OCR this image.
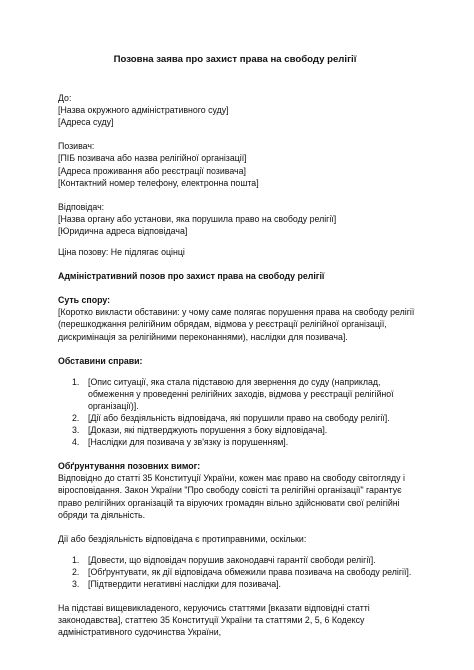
Позовна заява про захист права на свободу релігії
До:
[Назва окружного адміністративного суду]
[Адреса суду]
Позивач:
[ПІБ позивача або назва релігійної організації]
[Адреса проживання або реєстрації позивача]
[Контактний номер телефону, електронна пошта]
Відповідач:
[Назва органу або установи, яка порушила право на свободу релігії]
[Юридична адреса відповідача]
Ціна позову: Не підлягає оцінці
Адміністративний позов про захист права на свободу релігії
Суть спору:
[Коротко викласти обставини: у чому саме полягає порушення права на свободу релігії
(перешкоджання релігійним обрядам, відмова у реєстрації релігійної організації,
дискримінація за релігійними переконаннями), наслідки для позивача].
Обставини справи:
1. [Опис ситуації, яка стала підставою для звернення до суду (наприклад,
обмеження у проведенні релігійних заходів, відмова у реєстрації релігійної
організації)].
2. [Дії або бездіяльність відповідача, які порушили право на свободу релігії].
3. [Докази, які підтверджують порушення з боку відповідача].
4. [Наслідки для позивача у зв'язку із порушенням].
Обґрунтування позовних вимог:
Відповідно до статті 35 Конституції України, кожен має право на свободу світогляду і
віросповідання. Закон України "Про свободу совісті та релігійні організації" гарантує
право релігійних організацій та віруючих громадян вільно здійснювати свої релігійні
обряди та діяльність.
Дії або бездіяльність відповідача є протиправними, оскільки:
1. [Довести, що відповідач порушив законодавчі гарантії свободи релігії].
2. [Обґрунтувати, як дії відповідача обмежили права позивача на свободу релігії].
3. [Підтвердити негативні наслідки для позивача].
На підставі вищевикладеного, керуючись статтями [вказати відповідні статті
законодавства], статтею 35 Конституції України та статтями 2, 5, 6 Кодексу
адміністративного судочинства України,
